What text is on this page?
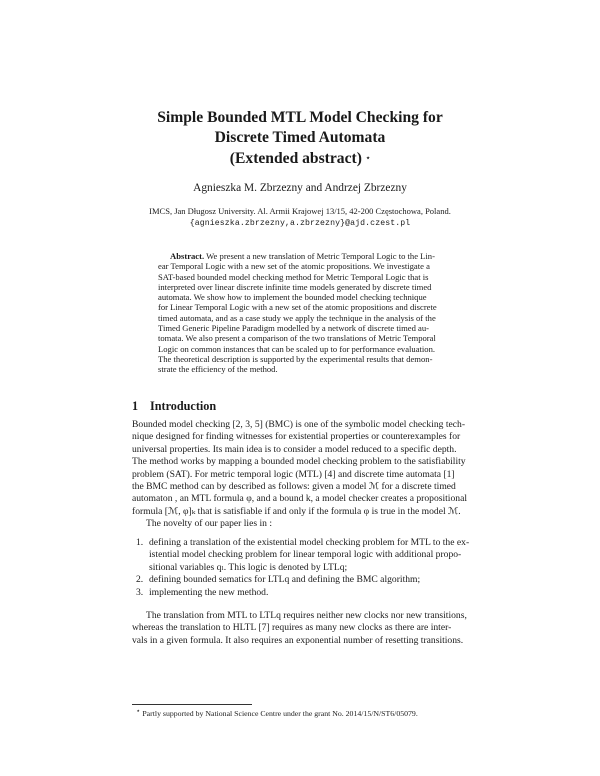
Simple Bounded MTL Model Checking for
Discrete Timed Automata
(Extended abstract) ⋆
Agnieszka M. Zbrzezny and Andrzej Zbrzezny
IMCS, Jan Długosz University. Al. Armii Krajowej 13/15, 42-200 Częstochowa, Poland.
{agnieszka.zbrzezny,a.zbrzezny}@ajd.czest.pl
Abstract. We present a new translation of Metric Temporal Logic to the Lin-
ear Temporal Logic with a new set of the atomic propositions. We investigate a
SAT-based bounded model checking method for Metric Temporal Logic that is
interpreted over linear discrete infinite time models generated by discrete timed
automata. We show how to implement the bounded model checking technique
for Linear Temporal Logic with a new set of the atomic propositions and discrete
timed automata, and as a case study we apply the technique in the analysis of the
Timed Generic Pipeline Paradigm modelled by a network of discrete timed au-
tomata. We also present a comparison of the two translations of Metric Temporal
Logic on common instances that can be scaled up to for performance evaluation.
The theoretical description is supported by the experimental results that demon-
strate the efficiency of the method.
1 Introduction
Bounded model checking [2, 3, 5] (BMC) is one of the symbolic model checking tech-
nique designed for finding witnesses for existential properties or counterexamples for
universal properties. Its main idea is to consider a model reduced to a specific depth.
The method works by mapping a bounded model checking problem to the satisfiability
problem (SAT). For metric temporal logic (MTL) [4] and discrete time automata [1]
the BMC method can by described as follows: given a model ℳ for a discrete timed
automaton , an MTL formula φ, and a bound k, a model checker creates a propositional
formula [ℳ, φ]ₖ that is satisfiable if and only if the formula φ is true in the model ℳ.
The novelty of our paper lies in :
1. defining a translation of the existential model checking problem for MTL to the ex-
istential model checking problem for linear temporal logic with additional propo-
sitional variables qₗ. This logic is denoted by LTLq;
2. defining bounded sematics for LTLq and defining the BMC algorithm;
3. implementing the new method.
The translation from MTL to LTLq requires neither new clocks nor new transitions,
whereas the translation to HLTL [7] requires as many new clocks as there are inter-
vals in a given formula. It also requires an exponential number of resetting transitions.
⋆ Partly supported by National Science Centre under the grant No. 2014/15/N/ST6/05079.
